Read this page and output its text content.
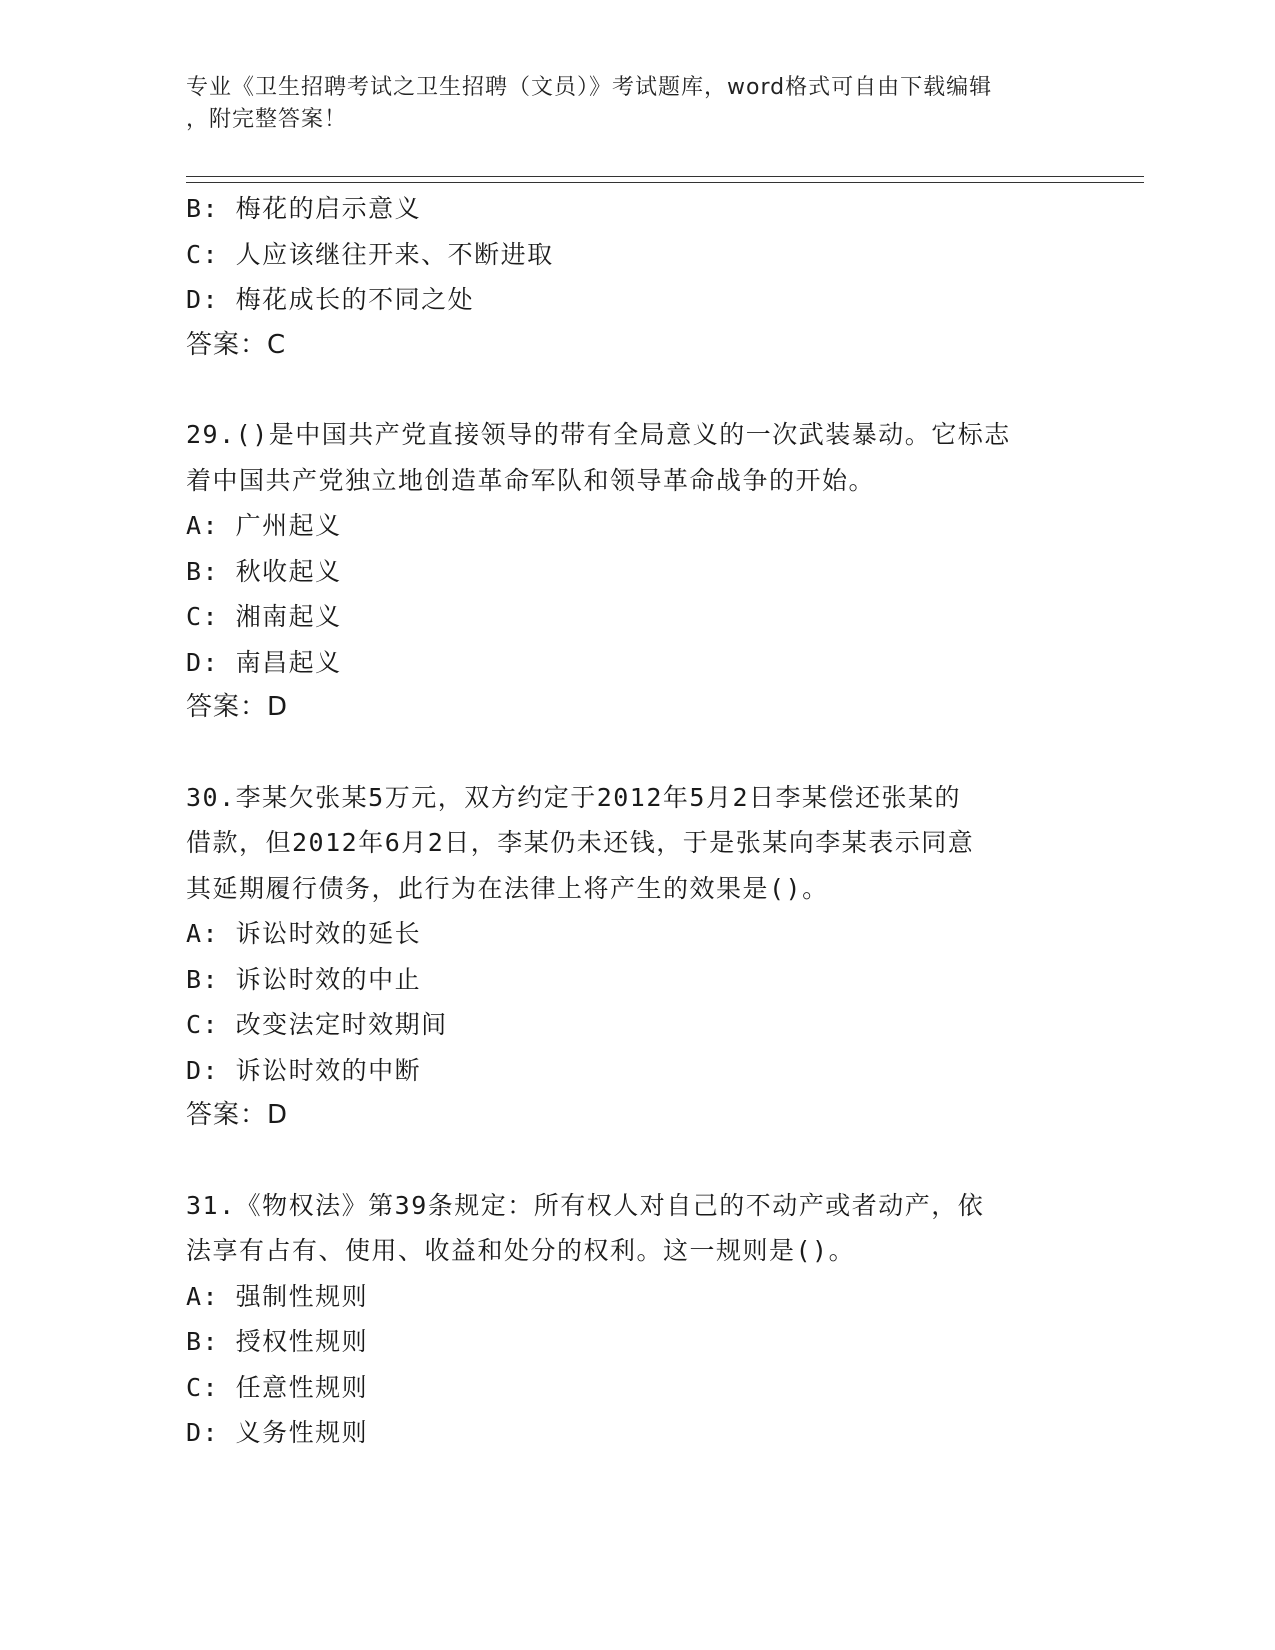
专业《卫生招聘考试之卫生招聘（文员）》考试题库，word格式可自由下载编辑
，附完整答案！
B: 梅花的启示意义
C: 人应该继往开来、不断进取
D: 梅花成长的不同之处
答案：C
29.()是中国共产党直接领导的带有全局意义的一次武装暴动。它标志
着中国共产党独立地创造革命军队和领导革命战争的开始。
A: 广州起义
B: 秋收起义
C: 湘南起义
D: 南昌起义
答案：D
30.李某欠张某5万元，双方约定于2012年5月2日李某偿还张某的
借款，但2012年6月2日，李某仍未还钱，于是张某向李某表示同意
其延期履行债务，此行为在法律上将产生的效果是()。
A: 诉讼时效的延长
B: 诉讼时效的中止
C: 改变法定时效期间
D: 诉讼时效的中断
答案：D
31.《物权法》第39条规定：所有权人对自己的不动产或者动产，依
法享有占有、使用、收益和处分的权利。这一规则是()。
A: 强制性规则
B: 授权性规则
C: 任意性规则
D: 义务性规则
